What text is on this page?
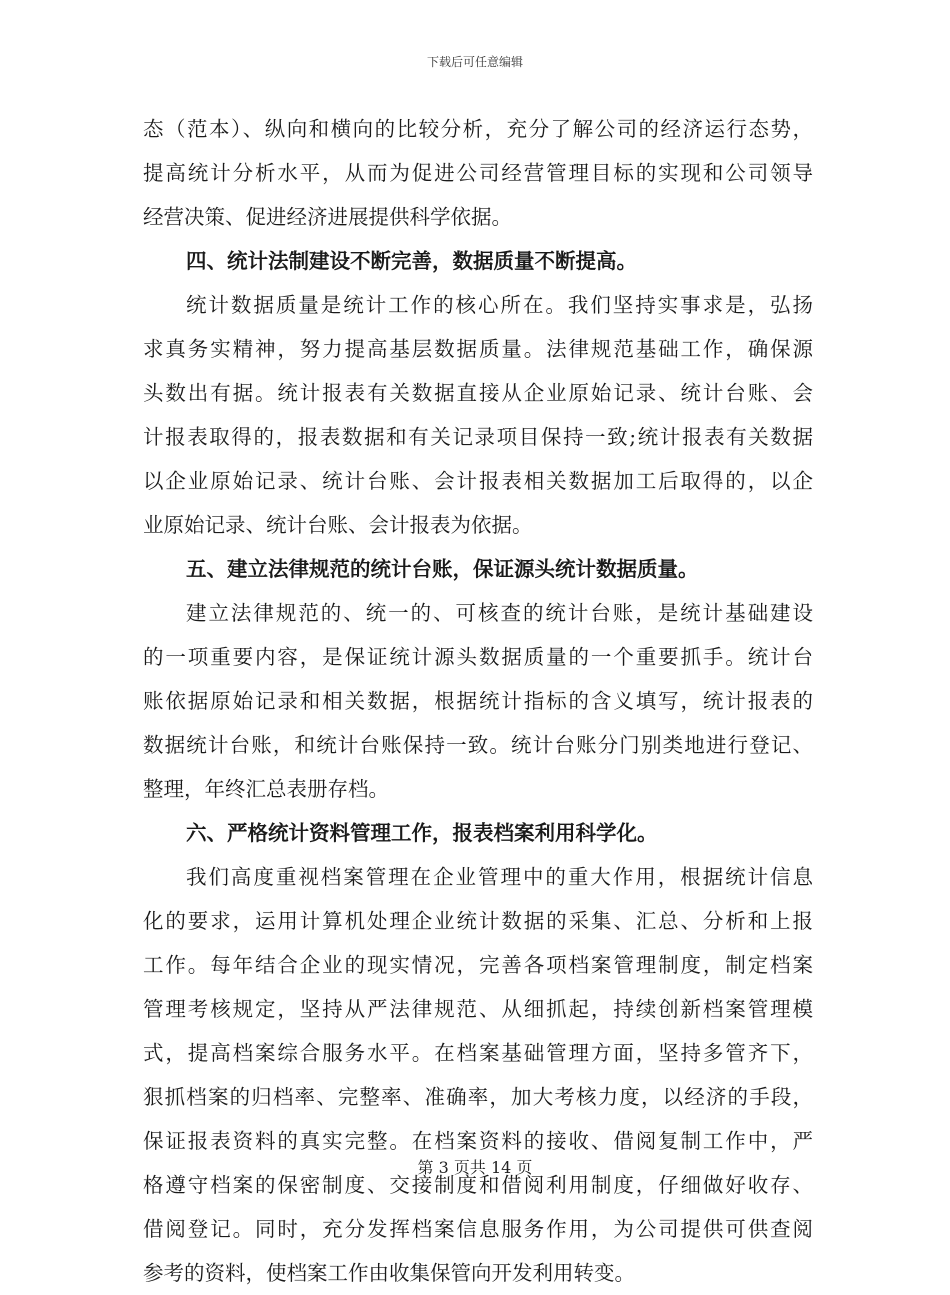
下载后可任意编辑
态（范本）、纵向和横向的比较分析，充分了解公司的经济运行态势，
提高统计分析水平，从而为促进公司经营管理目标的实现和公司领导
经营决策、促进经济进展提供科学依据。
四、统计法制建设不断完善，数据质量不断提高。
统计数据质量是统计工作的核心所在。我们坚持实事求是，弘扬
求真务实精神，努力提高基层数据质量。法律规范基础工作，确保源
头数出有据。统计报表有关数据直接从企业原始记录、统计台账、会
计报表取得的，报表数据和有关记录项目保持一致;统计报表有关数据
以企业原始记录、统计台账、会计报表相关数据加工后取得的，以企
业原始记录、统计台账、会计报表为依据。
五、建立法律规范的统计台账，保证源头统计数据质量。
建立法律规范的、统一的、可核查的统计台账，是统计基础建设
的一项重要内容，是保证统计源头数据质量的一个重要抓手。统计台
账依据原始记录和相关数据，根据统计指标的含义填写，统计报表的
数据统计台账，和统计台账保持一致。统计台账分门别类地进行登记、
整理，年终汇总表册存档。
六、严格统计资料管理工作，报表档案利用科学化。
我们高度重视档案管理在企业管理中的重大作用，根据统计信息
化的要求，运用计算机处理企业统计数据的采集、汇总、分析和上报
工作。每年结合企业的现实情况，完善各项档案管理制度，制定档案
管理考核规定，坚持从严法律规范、从细抓起，持续创新档案管理模
式，提高档案综合服务水平。在档案基础管理方面，坚持多管齐下，
狠抓档案的归档率、完整率、准确率，加大考核力度，以经济的手段，
保证报表资料的真实完整。在档案资料的接收、借阅复制工作中，严
格遵守档案的保密制度、交接制度和借阅利用制度，仔细做好收存、
借阅登记。同时，充分发挥档案信息服务作用，为公司提供可供查阅
参考的资料，使档案工作由收集保管向开发利用转变。
第 3 页共 14 页
